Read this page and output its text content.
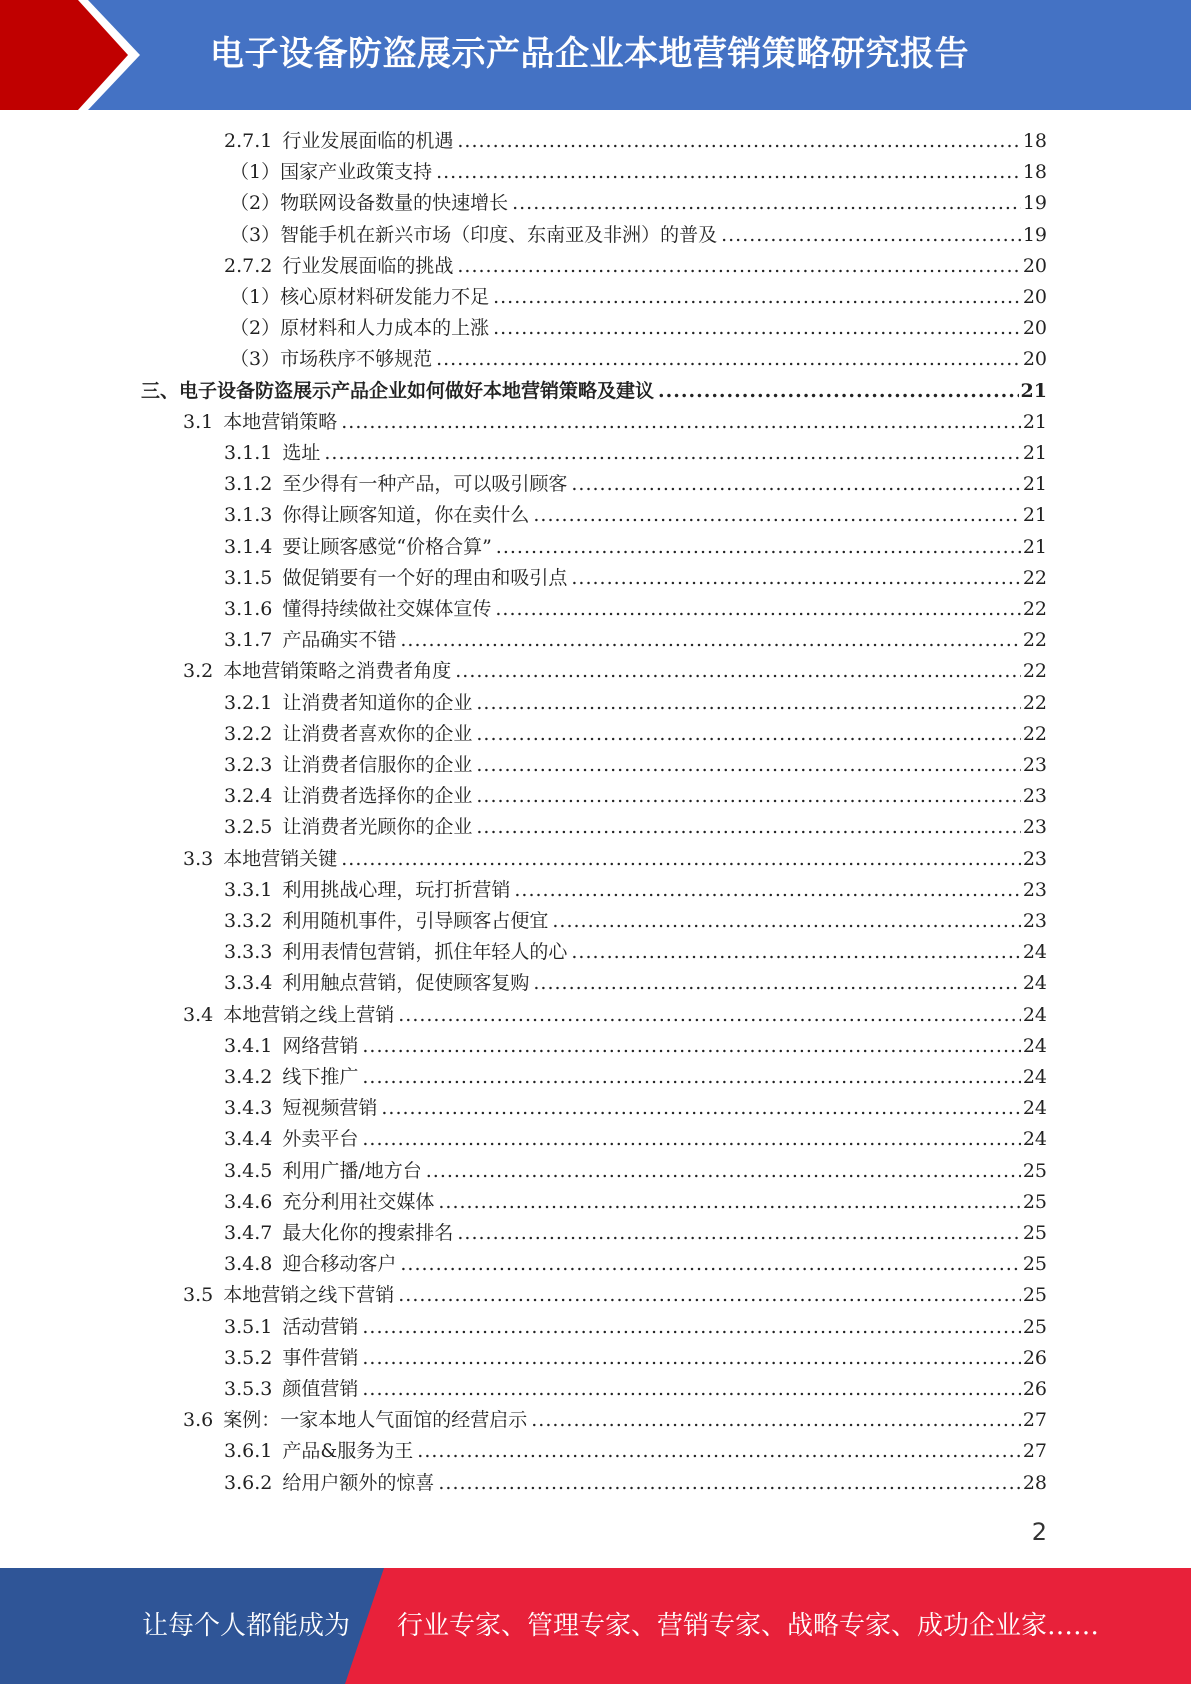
电子设备防盗展示产品企业本地营销策略研究报告
2.7.1 行业发展面临的机遇 .....	18
（1）国家产业政策支持 .....	18
（2）物联网设备数量的快速增长 .....	19
（3）智能手机在新兴市场（印度、东南亚及非洲）的普及 .....	19
2.7.2 行业发展面临的挑战 .....	20
（1）核心原材料研发能力不足 .....	20
（2）原材料和人力成本的上涨 .....	20
（3）市场秩序不够规范 .....	20
三、电子设备防盗展示产品企业如何做好本地营销策略及建议 .....	21
3.1 本地营销策略 .....	21
3.1.1 选址 .....	21
3.1.2 至少得有一种产品，可以吸引顾客 .....	21
3.1.3 你得让顾客知道，你在卖什么 .....	21
3.1.4 要让顾客感觉“价格合算” .....	21
3.1.5 做促销要有一个好的理由和吸引点 .....	22
3.1.6 懂得持续做社交媒体宣传 .....	22
3.1.7 产品确实不错 .....	22
3.2 本地营销策略之消费者角度 .....	22
3.2.1 让消费者知道你的企业 .....	22
3.2.2 让消费者喜欢你的企业 .....	22
3.2.3 让消费者信服你的企业 .....	23
3.2.4 让消费者选择你的企业 .....	23
3.2.5 让消费者光顾你的企业 .....	23
3.3 本地营销关键 .....	23
3.3.1 利用挑战心理，玩打折营销 .....	23
3.3.2 利用随机事件，引导顾客占便宜 .....	23
3.3.3 利用表情包营销，抓住年轻人的心 .....	24
3.3.4 利用触点营销，促使顾客复购 .....	24
3.4 本地营销之线上营销 .....	24
3.4.1 网络营销 .....	24
3.4.2 线下推广 .....	24
3.4.3 短视频营销 .....	24
3.4.4 外卖平台 .....	24
3.4.5 利用广播/地方台 .....	25
3.4.6 充分利用社交媒体 .....	25
3.4.7 最大化你的搜索排名 .....	25
3.4.8 迎合移动客户 .....	25
3.5 本地营销之线下营销 .....	25
3.5.1 活动营销 .....	25
3.5.2 事件营销 .....	26
3.5.3 颜值营销 .....	26
3.6 案例：一家本地人气面馆的经营启示 .....	27
3.6.1 产品&服务为王 .....	27
3.6.2 给用户额外的惊喜 .....	28
2
让每个人都能成为 行业专家、管理专家、营销专家、战略专家、成功企业家……
